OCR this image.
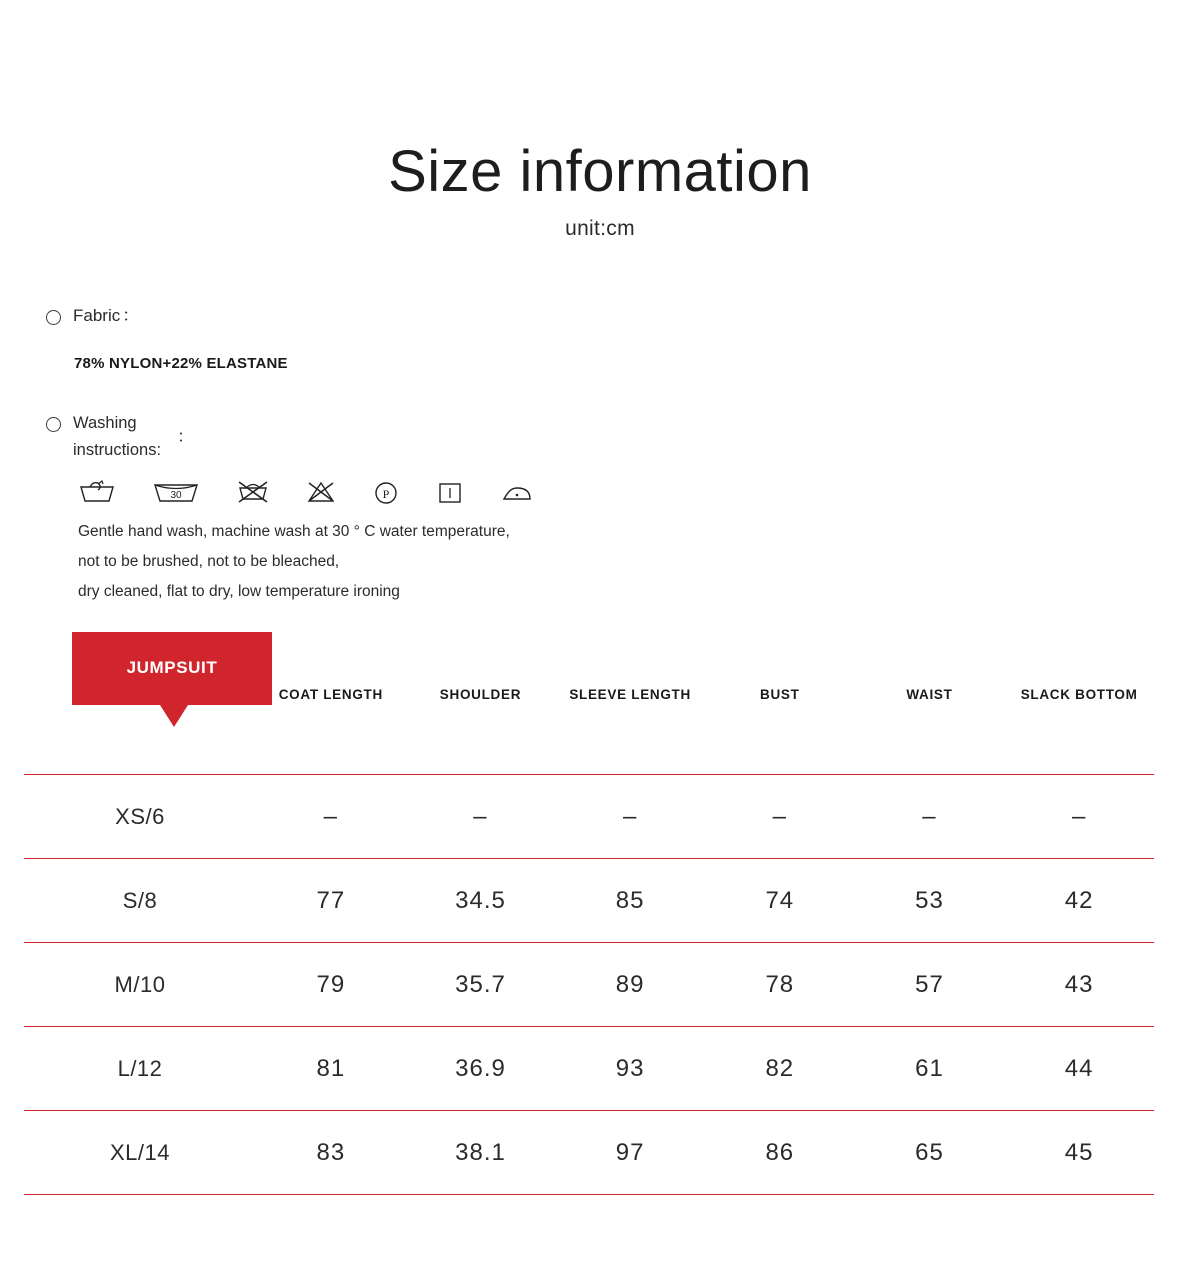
Size information
unit:cm
Fabric ：
78% NYLON+22% ELASTANE
Washing
instructions:
：
30	P
Gentle hand wash, machine wash at 30 ° C water temperature,
not to be brushed, not to be bleached,
dry cleaned, flat to dry, low temperature ironing
JUMPSUIT
	COAT LENGTH	SHOULDER	SLEEVE LENGTH	BUST	WAIST	SLACK BOTTOM
XS/6	–	–	–	–	–	–
S/8	77	34.5	85	74	53	42
M/10	79	35.7	89	78	57	43
L/12	81	36.9	93	82	61	44
XL/14	83	38.1	97	86	65	45
